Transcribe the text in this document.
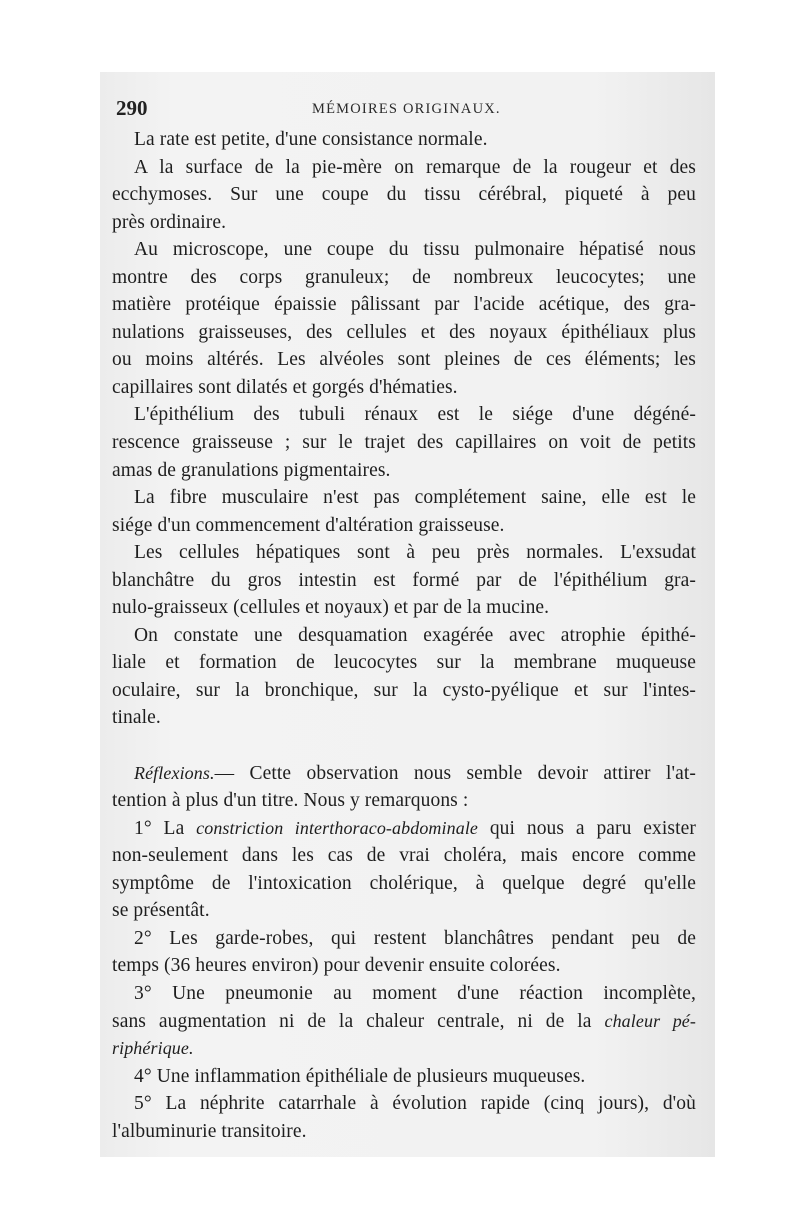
290	MÉMOIRES ORIGINAUX.
La rate est petite, d'une consistance normale.
A la surface de la pie-mère on remarque de la rougeur et des
ecchymoses. Sur une coupe du tissu cérébral, piqueté à peu
près ordinaire.
Au microscope, une coupe du tissu pulmonaire hépatisé nous
montre des corps granuleux; de nombreux leucocytes; une
matière protéique épaissie pâlissant par l'acide acétique, des gra-
nulations graisseuses, des cellules et des noyaux épithéliaux plus
ou moins altérés. Les alvéoles sont pleines de ces éléments; les
capillaires sont dilatés et gorgés d'hématies.
L'épithélium des tubuli rénaux est le siége d'une dégéné-
rescence graisseuse ; sur le trajet des capillaires on voit de petits
amas de granulations pigmentaires.
La fibre musculaire n'est pas complétement saine, elle est le
siége d'un commencement d'altération graisseuse.
Les cellules hépatiques sont à peu près normales. L'exsudat
blanchâtre du gros intestin est formé par de l'épithélium gra-
nulo-graisseux (cellules et noyaux) et par de la mucine.
On constate une desquamation exagérée avec atrophie épithé-
liale et formation de leucocytes sur la membrane muqueuse
oculaire, sur la bronchique, sur la cysto-pyélique et sur l'intes-
tinale.
Réflexions.— Cette observation nous semble devoir attirer l'at-
tention à plus d'un titre. Nous y remarquons :
1° La constriction interthoraco-abdominale qui nous a paru exister
non-seulement dans les cas de vrai choléra, mais encore comme
symptôme de l'intoxication cholérique, à quelque degré qu'elle
se présentât.
2° Les garde-robes, qui restent blanchâtres pendant peu de
temps (36 heures environ) pour devenir ensuite colorées.
3° Une pneumonie au moment d'une réaction incomplète,
sans augmentation ni de la chaleur centrale, ni de la chaleur pé-
riphérique.
4° Une inflammation épithéliale de plusieurs muqueuses.
5° La néphrite catarrhale à évolution rapide (cinq jours), d'où
l'albuminurie transitoire.
